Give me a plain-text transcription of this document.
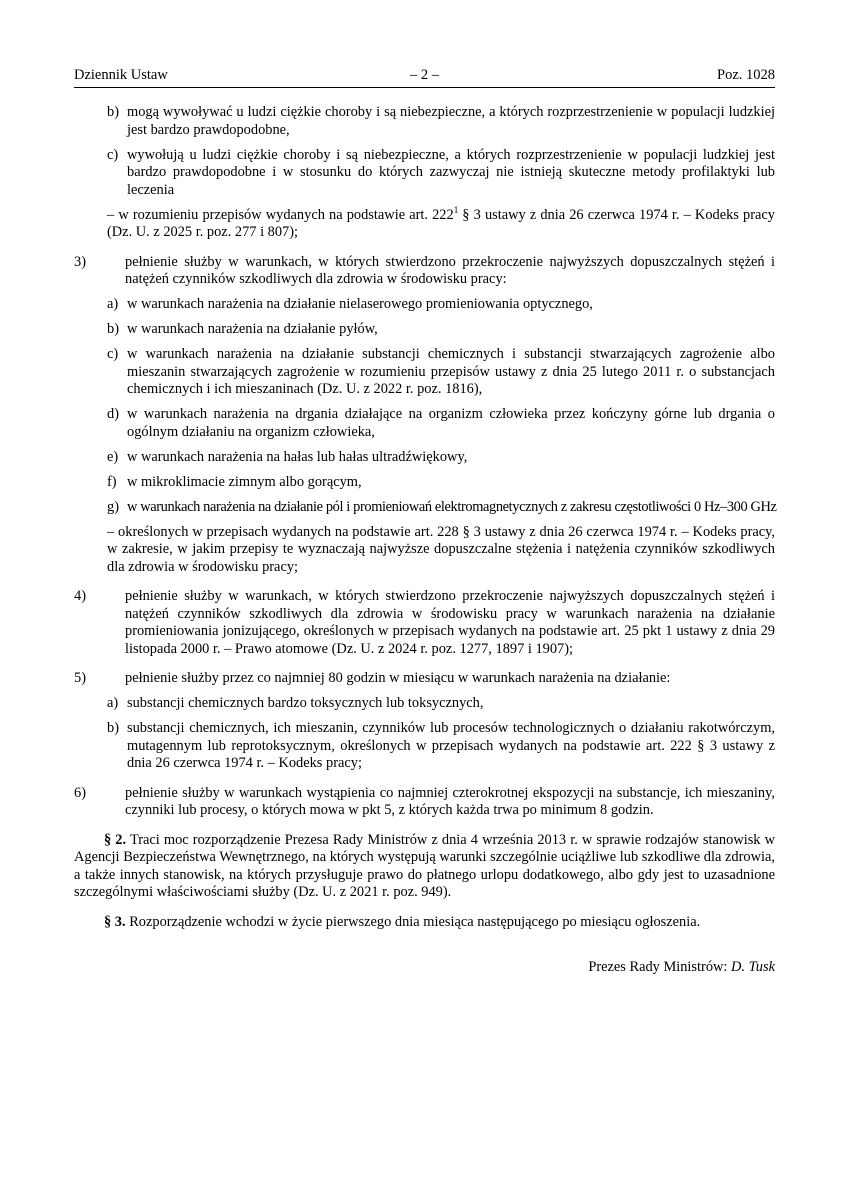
Dziennik Ustaw	– 2 –	Poz. 1028
b) mogą wywoływać u ludzi ciężkie choroby i są niebezpieczne, a których rozprzestrzenienie w populacji ludzkiej jest bardzo prawdopodobne,
c) wywołują u ludzi ciężkie choroby i są niebezpieczne, a których rozprzestrzenienie w populacji ludzkiej jest bardzo prawdopodobne i w stosunku do których zazwyczaj nie istnieją skuteczne metody profilaktyki lub leczenia
– w rozumieniu przepisów wydanych na podstawie art. $222^1$ § 3 ustawy z dnia 26 czerwca 1974 r. – Kodeks pracy (Dz. U. z 2025 r. poz. 277 i 807);
3)	pełnienie służby w warunkach, w których stwierdzono przekroczenie najwyższych dopuszczalnych stężeń i natężeń czynników szkodliwych dla zdrowia w środowisku pracy:
a) w warunkach narażenia na działanie nielaserowego promieniowania optycznego,
b) w warunkach narażenia na działanie pyłów,
c) w warunkach narażenia na działanie substancji chemicznych i substancji stwarzających zagrożenie albo mieszanin stwarzających zagrożenie w rozumieniu przepisów ustawy z dnia 25 lutego 2011 r. o substancjach chemicznych i ich mieszaninach (Dz. U. z 2022 r. poz. 1816),
d) w warunkach narażenia na drgania działające na organizm człowieka przez kończyny górne lub drgania o ogólnym działaniu na organizm człowieka,
e) w warunkach narażenia na hałas lub hałas ultradźwiękowy,
f) w mikroklimacie zimnym albo gorącym,
g) w warunkach narażenia na działanie pól i promieniowań elektromagnetycznych z zakresu częstotliwości 0 Hz–300 GHz
– określonych w przepisach wydanych na podstawie art. 228 § 3 ustawy z dnia 26 czerwca 1974 r. – Kodeks pracy, w zakresie, w jakim przepisy te wyznaczają najwyższe dopuszczalne stężenia i natężenia czynników szkodliwych dla zdrowia w środowisku pracy;
4)	pełnienie służby w warunkach, w których stwierdzono przekroczenie najwyższych dopuszczalnych stężeń i natężeń czynników szkodliwych dla zdrowia w środowisku pracy w warunkach narażenia na działanie promieniowania jonizującego, określonych w przepisach wydanych na podstawie art. 25 pkt 1 ustawy z dnia 29 listopada 2000 r. – Prawo atomowe (Dz. U. z 2024 r. poz. 1277, 1897 i 1907);
5)	pełnienie służby przez co najmniej 80 godzin w miesiącu w warunkach narażenia na działanie:
a) substancji chemicznych bardzo toksycznych lub toksycznych,
b) substancji chemicznych, ich mieszanin, czynników lub procesów technologicznych o działaniu rakotwórczym, mutagennym lub reprotoksycznym, określonych w przepisach wydanych na podstawie art. 222 § 3 ustawy z dnia 26 czerwca 1974 r. – Kodeks pracy;
6)	pełnienie służby w warunkach wystąpienia co najmniej czterokrotnej ekspozycji na substancje, ich mieszaniny, czynniki lub procesy, o których mowa w pkt 5, z których każda trwa po minimum 8 godzin.
§ 2. Traci moc rozporządzenie Prezesa Rady Ministrów z dnia 4 września 2013 r. w sprawie rodzajów stanowisk w Agencji Bezpieczeństwa Wewnętrznego, na których występują warunki szczególnie uciążliwe lub szkodliwe dla zdrowia, a także innych stanowisk, na których przysługuje prawo do płatnego urlopu dodatkowego, albo gdy jest to uzasadnione szczególnymi właściwościami służby (Dz. U. z 2021 r. poz. 949).
§ 3. Rozporządzenie wchodzi w życie pierwszego dnia miesiąca następującego po miesiącu ogłoszenia.
Prezes Rady Ministrów: D. Tusk
